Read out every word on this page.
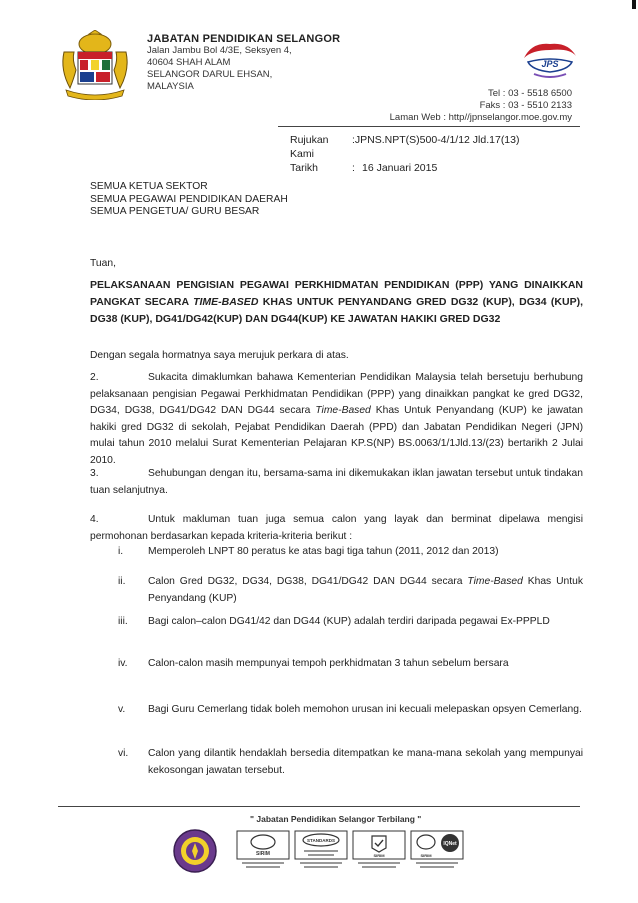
JABATAN PENDIDIKAN SELANGOR
Jalan Jambu Bol 4/3E, Seksyen 4,
40604 SHAH ALAM
SELANGOR DARUL EHSAN,
MALAYSIA
JPS
Tel : 03 - 5518 6500
Faks : 03 - 5510 2133
Laman Web : http//jpnselangor.moe.gov.my
Rujukan Kami
:JPNS.NPT(S)500-4/1/12 Jld.17(13)
Tarikh	: 16 Januari 2015
SEMUA KETUA SEKTOR
SEMUA PEGAWAI PENDIDIKAN DAERAH
SEMUA PENGETUA/ GURU BESAR
Tuan,
PELAKSANAAN PENGISIAN PEGAWAI PERKHIDMATAN PENDIDIKAN (PPP) YANG DINAIKKAN PANGKAT SECARA TIME-BASED KHAS UNTUK PENYANDANG GRED DG32 (KUP), DG34 (KUP), DG38 (KUP), DG41/DG42(KUP) DAN DG44(KUP) KE JAWATAN HAKIKI GRED DG32
Dengan segala hormatnya saya merujuk perkara di atas.
2.	Sukacita dimaklumkan bahawa Kementerian Pendidikan Malaysia telah bersetuju berhubung pelaksanaan pengisian Pegawai Perkhidmatan Pendidikan (PPP) yang dinaikkan pangkat ke gred DG32, DG34, DG38, DG41/DG42 DAN DG44 secara Time-Based Khas Untuk Penyandang (KUP) ke jawatan hakiki gred DG32 di sekolah, Pejabat Pendidikan Daerah (PPD) dan Jabatan Pendidikan Negeri (JPN) mulai tahun 2010 melalui Surat Kementerian Pelajaran KP.S(NP) BS.0063/1/1Jld.13/(23) bertarikh 2 Julai 2010.
3.	Sehubungan dengan itu, bersama-sama ini dikemukakan iklan jawatan tersebut untuk tindakan tuan selanjutnya.
4.	Untuk makluman tuan juga semua calon yang layak dan berminat dipelawa mengisi permohonan berdasarkan kepada kriteria-kriteria berikut :
i.	Memperoleh LNPT 80 peratus ke atas bagi tiga tahun (2011, 2012 dan 2013)
ii.	Calon Gred DG32, DG34, DG38, DG41/DG42 DAN DG44 secara Time-Based Khas Untuk Penyandang (KUP)
iii.	Bagi calon–calon DG41/42 dan DG44 (KUP) adalah terdiri daripada pegawai Ex-PPPLD
iv.	Calon-calon masih mempunyai tempoh perkhidmatan 3 tahun sebelum bersara
v.	Bagi Guru Cemerlang tidak boleh memohon urusan ini kecuali melepaskan opsyen Cemerlang.
vi.	Calon yang dilantik hendaklah bersedia ditempatkan ke mana-mana sekolah yang mempunyai kekosongan jawatan tersebut.
" Jabatan Pendidikan Selangor Terbilang "
SIRIM
STANDARDS
SIRIM
IQNet
SIRIM
